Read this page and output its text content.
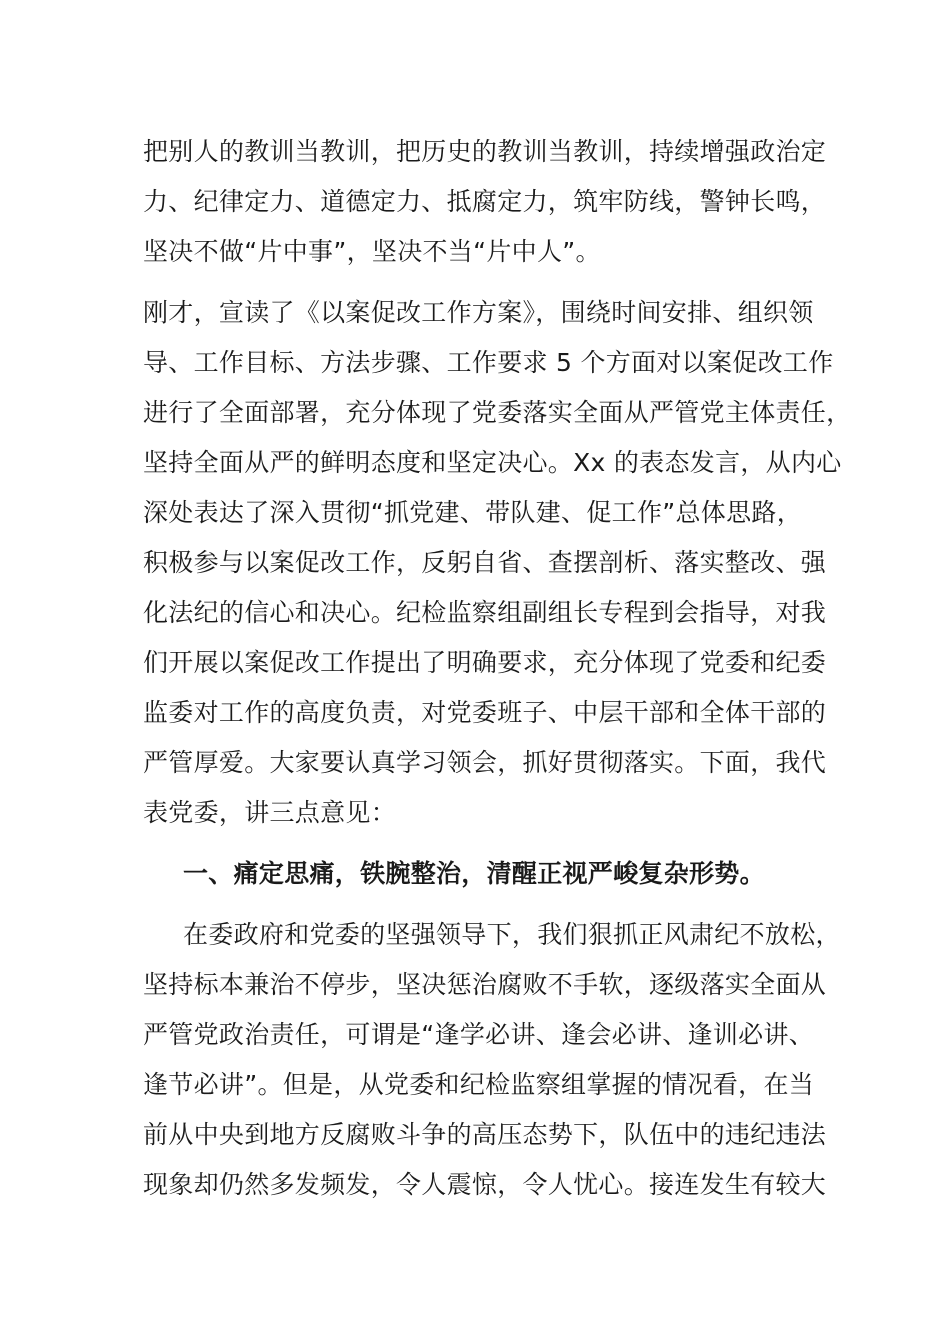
把别人的教训当教训，把历史的教训当教训，持续增强政治定
力、纪律定力、道德定力、抵腐定力，筑牢防线，警钟长鸣，
坚决不做“片中事”，坚决不当“片中人”。
刚才，宣读了《以案促改工作方案》，围绕时间安排、组织领
导、工作目标、方法步骤、工作要求 5 个方面对以案促改工作
进行了全面部署，充分体现了党委落实全面从严管党主体责任，
坚持全面从严的鲜明态度和坚定决心。Xx 的表态发言，从内心
深处表达了深入贯彻“抓党建、带队建、促工作”总体思路，
积极参与以案促改工作，反躬自省、查摆剖析、落实整改、强
化法纪的信心和决心。纪检监察组副组长专程到会指导，对我
们开展以案促改工作提出了明确要求，充分体现了党委和纪委
监委对工作的高度负责，对党委班子、中层干部和全体干部的
严管厚爱。大家要认真学习领会，抓好贯彻落实。下面，我代
表党委，讲三点意见：
一、痛定思痛，铁腕整治，清醒正视严峻复杂形势。
在委政府和党委的坚强领导下，我们狠抓正风肃纪不放松，
坚持标本兼治不停步，坚决惩治腐败不手软，逐级落实全面从
严管党政治责任，可谓是“逢学必讲、逢会必讲、逢训必讲、
逢节必讲”。但是，从党委和纪检监察组掌握的情况看，在当
前从中央到地方反腐败斗争的高压态势下，队伍中的违纪违法
现象却仍然多发频发，令人震惊，令人忧心。接连发生有较大
